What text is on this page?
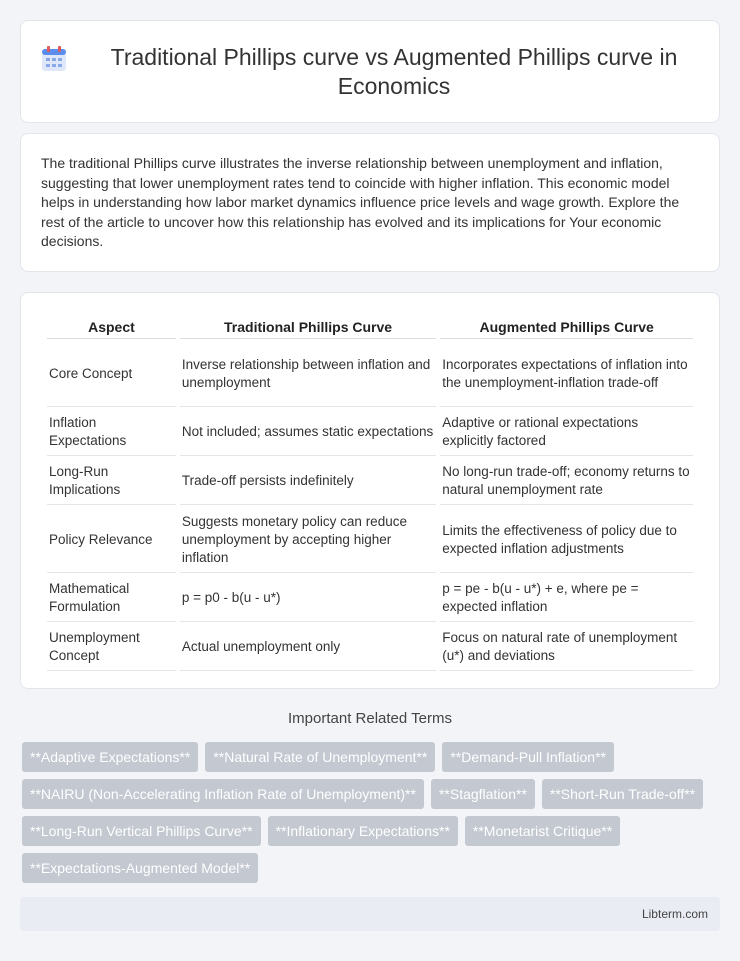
Traditional Phillips curve vs Augmented Phillips curve in Economics

The traditional Phillips curve illustrates the inverse relationship between unemployment and inflation, suggesting that lower unemployment rates tend to coincide with higher inflation. This economic model helps in understanding how labor market dynamics influence price levels and wage growth. Explore the rest of the article to uncover how this relationship has evolved and its implications for Your economic decisions.

Aspect	Traditional Phillips Curve	Augmented Phillips Curve
Core Concept	Inverse relationship between inflation and unemployment	Incorporates expectations of inflation into the unemployment-inflation trade-off
Inflation Expectations	Not included; assumes static expectations	Adaptive or rational expectations explicitly factored
Long-Run Implications	Trade-off persists indefinitely	No long-run trade-off; economy returns to natural unemployment rate
Policy Relevance	Suggests monetary policy can reduce unemployment by accepting higher inflation	Limits the effectiveness of policy due to expected inflation adjustments
Mathematical Formulation	p = p0 - b(u - u*)	p = pe - b(u - u*) + e, where pe = expected inflation
Unemployment Concept	Actual unemployment only	Focus on natural rate of unemployment (u*) and deviations
Important Related Terms
**Adaptive Expectations**	**Natural Rate of Unemployment**	**Demand-Pull Inflation**
**NAIRU (Non-Accelerating Inflation Rate of Unemployment)**	**Stagflation**	**Short-Run Trade-off**
**Long-Run Vertical Phillips Curve**	**Inflationary Expectations**	**Monetarist Critique**
**Expectations-Augmented Model**
Libterm.com
